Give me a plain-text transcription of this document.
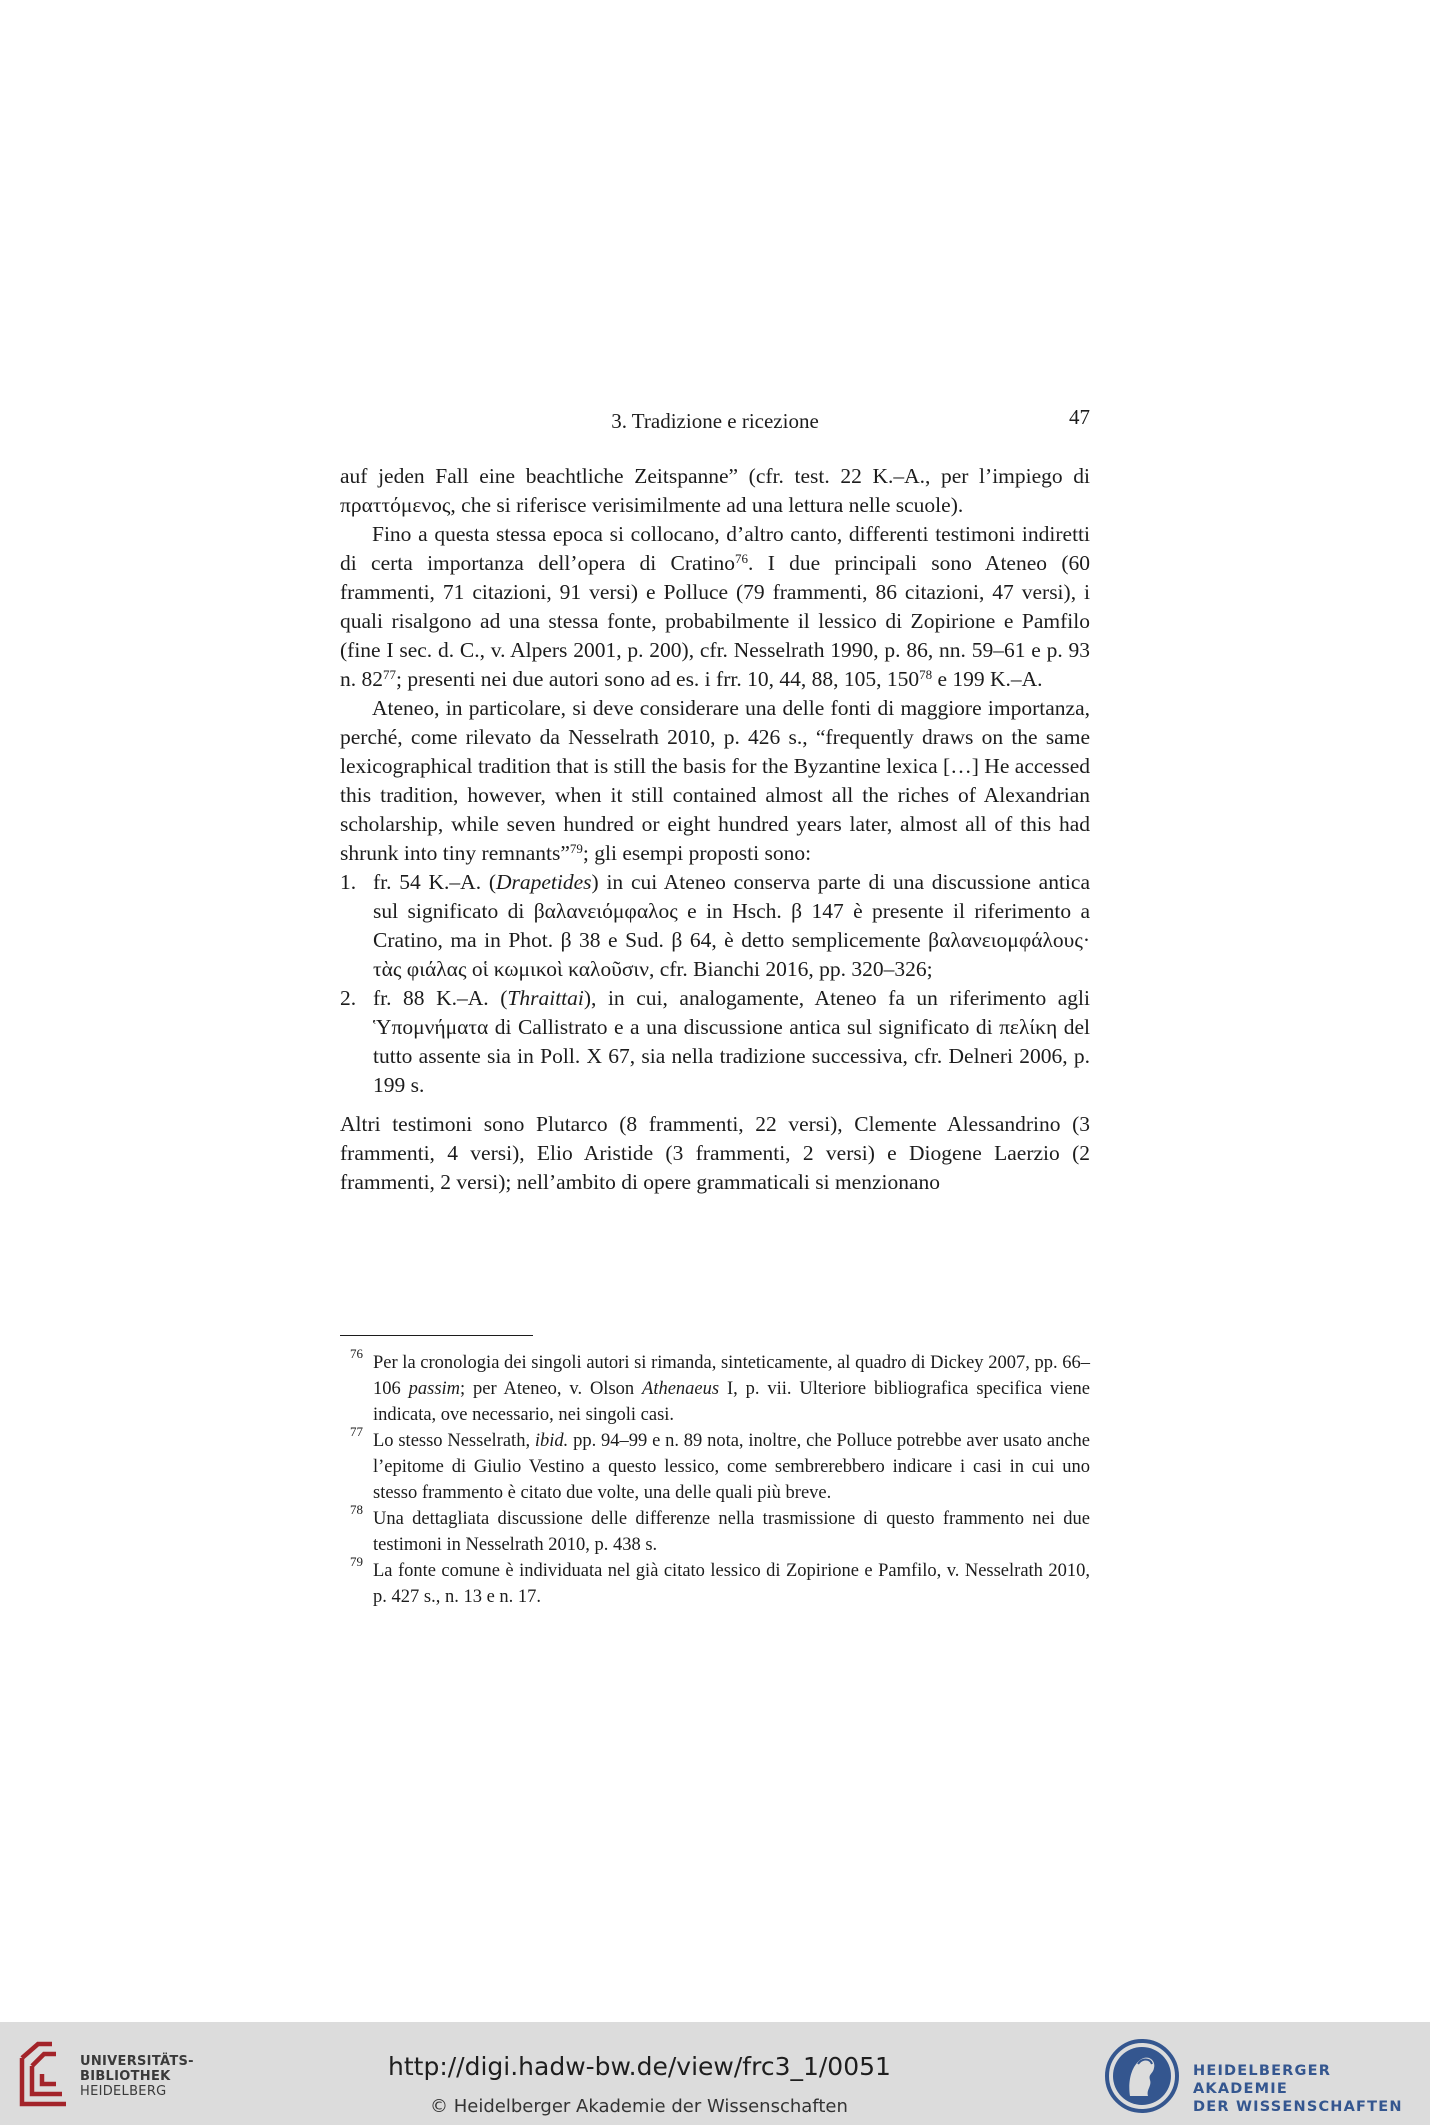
3. Tradizione e ricezione	47

auf jeden Fall eine beachtliche Zeitspanne” (cfr. test. 22 K.–A., per l’impiego di πραττόμενος, che si riferisce verisimilmente ad una lettura nelle scuole).

Fino a questa stessa epoca si collocano, d’altro canto, differenti testimoni indiretti di certa importanza dell’opera di Cratino$^{76}$. I due principali sono Ateneo (60 frammenti, 71 citazioni, 91 versi) e Polluce (79 frammenti, 86 citazioni, 47 versi), i quali risalgono ad una stessa fonte, probabilmente il lessico di Zopirione e Pamfilo (fine I sec. d. C., v. Alpers 2001, p. 200), cfr. Nesselrath 1990, p. 86, nn. 59–61 e p. 93 n. $82^{77}$; presenti nei due autori sono ad es. i frr. 10, 44, 88, 105, $150^{78}$ e 199 K.–A.

Ateneo, in particolare, si deve considerare una delle fonti di maggiore importanza, perché, come rilevato da Nesselrath 2010, p. 426 s., “frequently draws on the same lexicographical tradition that is still the basis for the Byzantine lexica […] He accessed this tradition, however, when it still contained almost all the riches of Alexandrian scholarship, while seven hundred or eight hundred years later, almost all of this had shrunk into tiny remnants”$^{79}$; gli esempi proposti sono:

1. fr. 54 K.–A. (Drapetides) in cui Ateneo conserva parte di una discussione antica sul significato di βαλανειόμφαλος e in Hsch. β 147 è presente il riferimento a Cratino, ma in Phot. β 38 e Sud. β 64, è detto semplicemente βαλανειομφάλους· τὰς φιάλας οἱ κωμικοὶ καλοῦσιν, cfr. Bianchi 2016, pp. 320–326;
2. fr. 88 K.–A. (Thraittai), in cui, analogamente, Ateneo fa un riferimento agli Ὑπομνήματα di Callistrato e a una discussione antica sul significato di πελίκη del tutto assente sia in Poll. X 67, sia nella tradizione successiva, cfr. Delneri 2006, p. 199 s.

Altri testimoni sono Plutarco (8 frammenti, 22 versi), Clemente Alessandrino (3 frammenti, 4 versi), Elio Aristide (3 frammenti, 2 versi) e Diogene Laerzio (2 frammenti, 2 versi); nell’ambito di opere grammaticali si menzionano

76 Per la cronologia dei singoli autori si rimanda, sinteticamente, al quadro di Dickey 2007, pp. 66–106 passim; per Ateneo, v. Olson Athenaeus I, p. vii. Ulteriore bibliografica specifica viene indicata, ove necessario, nei singoli casi.
77 Lo stesso Nesselrath, ibid. pp. 94–99 e n. 89 nota, inoltre, che Polluce potrebbe aver usato anche l’epitome di Giulio Vestino a questo lessico, come sembrerebbero indicare i casi in cui uno stesso frammento è citato due volte, una delle quali più breve.
78 Una dettagliata discussione delle differenze nella trasmissione di questo frammento nei due testimoni in Nesselrath 2010, p. 438 s.
79 La fonte comune è individuata nel già citato lessico di Zopirione e Pamfilo, v. Nesselrath 2010, p. 427 s., n. 13 e n. 17.
UNIVERSITÄTS-
BIBLIOTHEK
HEIDELBERG
http://digi.hadw-bw.de/view/frc3_1/0051
© Heidelberger Akademie der Wissenschaften
HEIDELBERGER AKADEMIE
DER WISSENSCHAFTEN
